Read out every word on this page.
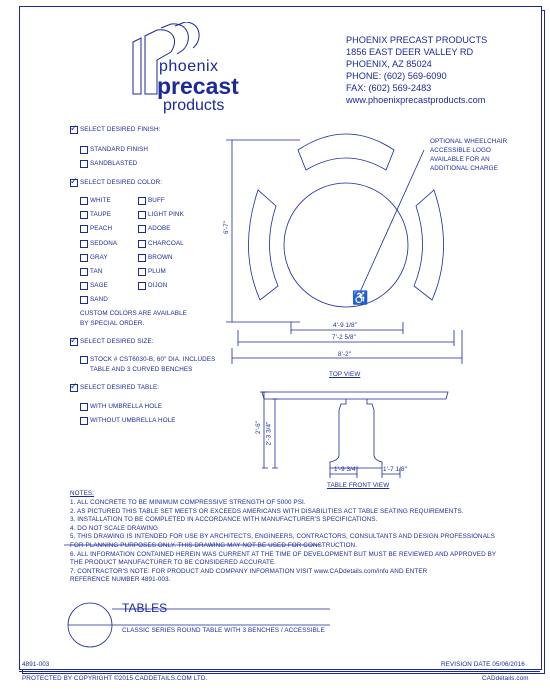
phoenix
precast
products
PHOENIX PRECAST PRODUCTS
1856 EAST DEER VALLEY RD
PHOENIX, AZ 85024
PHONE: (602) 569-6090
FAX: (602) 569-2483
www.phoenixprecastproducts.com
✓ SELECT DESIRED FINISH:
STANDARD FINISH
SANDBLASTED
✓ SELECT DESIRED COLOR:
WHITE
TAUPE
PEACH
SEDONA
GRAY
TAN
SAGE
SAND
BUFF
LIGHT PINK
ADOBE
CHARCOAL
BROWN
PLUM
DIJON
CUSTOM COLORS ARE AVAILABLE
BY SPECIAL ORDER.
✓ SELECT DESIRED SIZE:
STOCK # CST6030-B, 60" DIA. INCLUDES
TABLE AND 3 CURVED BENCHES
✓ SELECT DESIRED TABLE:
WITH UMBRELLA HOLE
WITHOUT UMBRELLA HOLE
♿
OPTIONAL WHEELCHAIR
ACCESSIBLE LOGO
AVAILABLE FOR AN
ADDITIONAL CHARGE
6'-7"
4'-9 1/8"
7'-2 5/8"
8'-2"
TOP VIEW
2'-6" 2'-3 3/4"
1'-9 3/4"	1'-7 1/8"
TABLE FRONT VIEW
NOTES:
1. ALL CONCRETE TO BE MINIMUM COMPRESSIVE STRENGTH OF 5000 PSI.
2. AS PICTURED THIS TABLE SET MEETS OR EXCEEDS AMERICANS WITH DISABILITIES ACT TABLE SEATING REQUIREMENTS.
3. INSTALLATION TO BE COMPLETED IN ACCORDANCE WITH MANUFACTURER'S SPECIFICATIONS.
4. DO NOT SCALE DRAWING
5. THIS DRAWING IS INTENDED FOR USE BY ARCHITECTS, ENGINEERS, CONTRACTORS, CONSULTANTS AND DESIGN PROFESSIONALS
FOR PLANNING PURPOSES ONLY. THIS DRAWING MAY NOT BE USED FOR CONSTRUCTION.
6. ALL INFORMATION CONTAINED HEREIN WAS CURRENT AT THE TIME OF DEVELOPMENT BUT MUST BE REVIEWED AND APPROVED BY
THE PRODUCT MANUFACTURER TO BE CONSIDERED ACCURATE.
7. CONTRACTOR'S NOTE: FOR PRODUCT AND COMPANY INFORMATION VISIT www.CADdetails.com/info AND ENTER
REFERENCE NUMBER 4891-003.
TABLES
CLASSIC SERIES ROUND TABLE WITH 3 BENCHES / ACCESSIBLE
4891-003	REVISION DATE 05/06/2016
PROTECTED BY COPYRIGHT ©2015 CADDETAILS.COM LTD.	CADdetails.com
